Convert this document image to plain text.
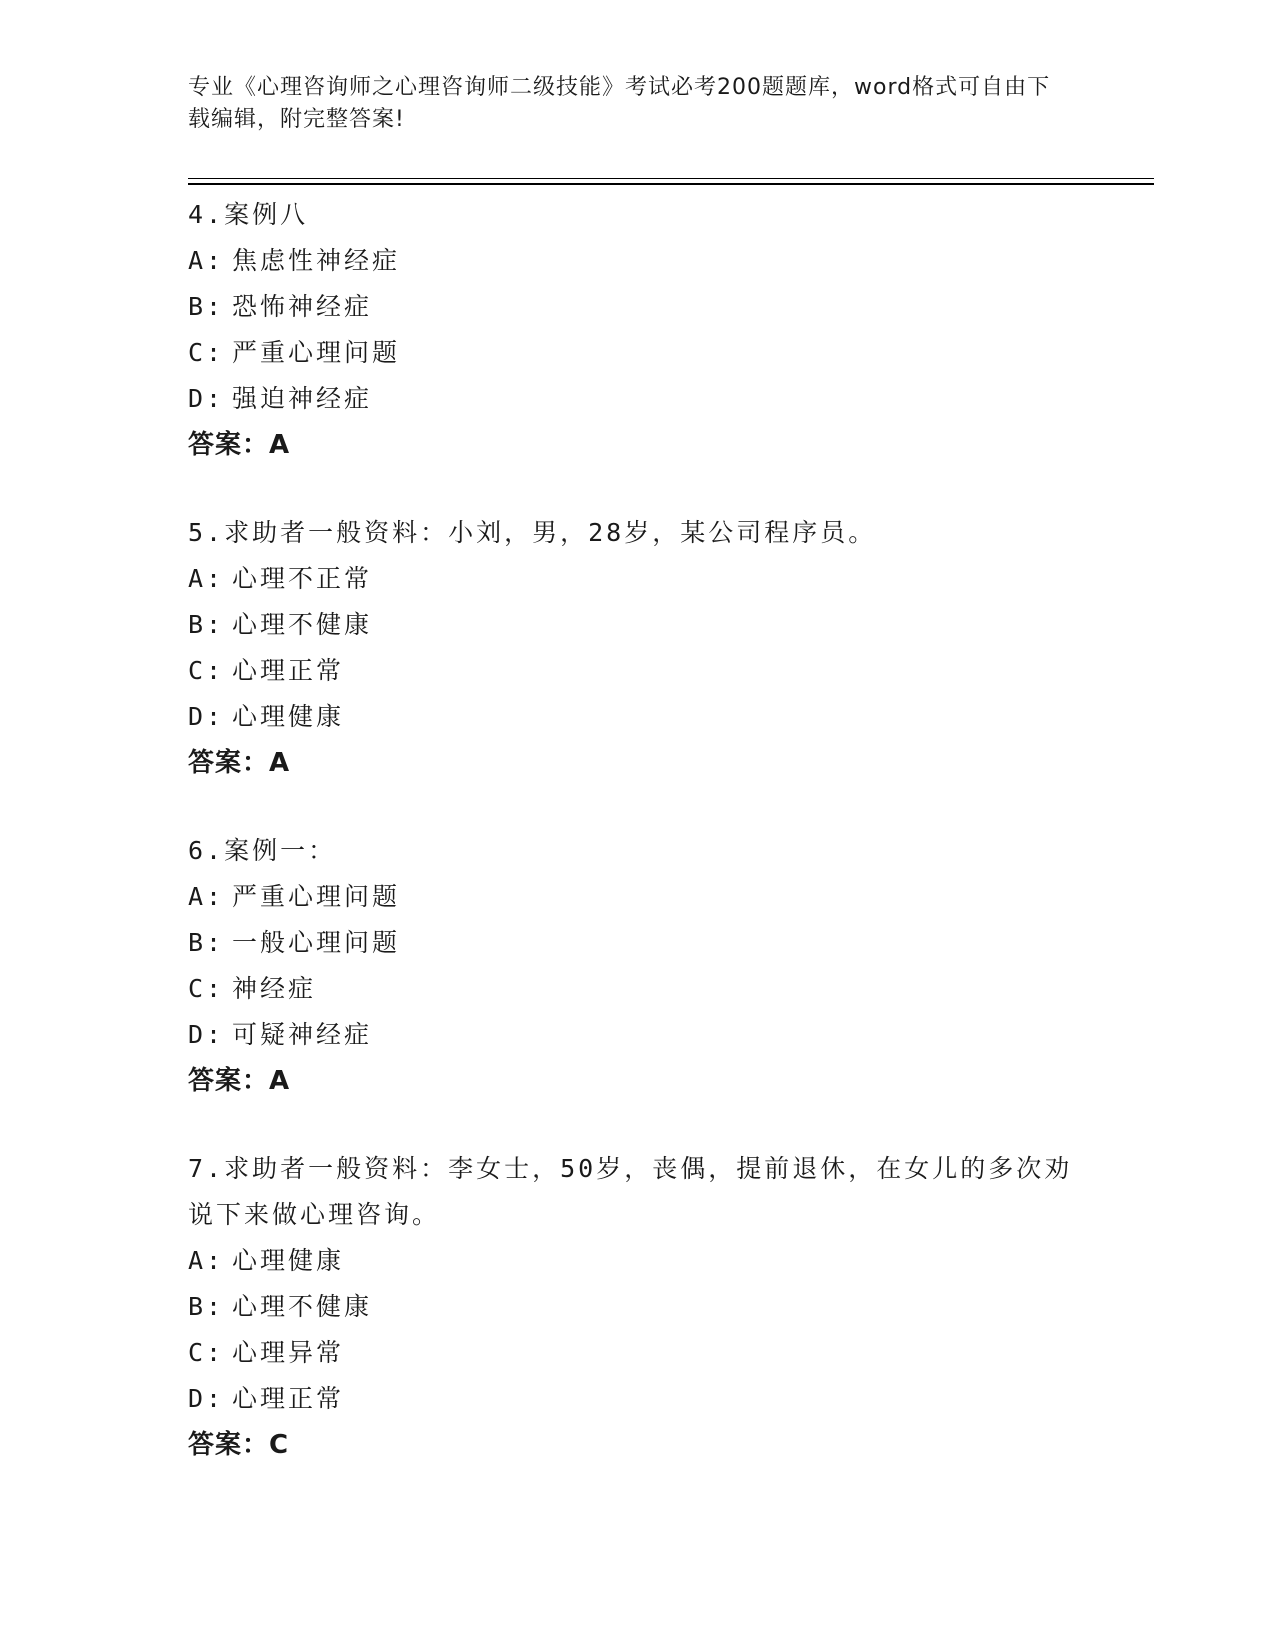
专业《心理咨询师之心理咨询师二级技能》考试必考200题题库，word格式可自由下载编辑，附完整答案!
4.案例八
A: 焦虑性神经症
B: 恐怖神经症
C: 严重心理问题
D: 强迫神经症
答案：A
5.求助者一般资料：小刘，男，28岁，某公司程序员。
A: 心理不正常
B: 心理不健康
C: 心理正常
D: 心理健康
答案：A
6.案例一：
A: 严重心理问题
B: 一般心理问题
C: 神经症
D: 可疑神经症
答案：A
7.求助者一般资料：李女士，50岁，丧偶，提前退休，在女儿的多次劝说下来做心理咨询。
A: 心理健康
B: 心理不健康
C: 心理异常
D: 心理正常
答案：C
